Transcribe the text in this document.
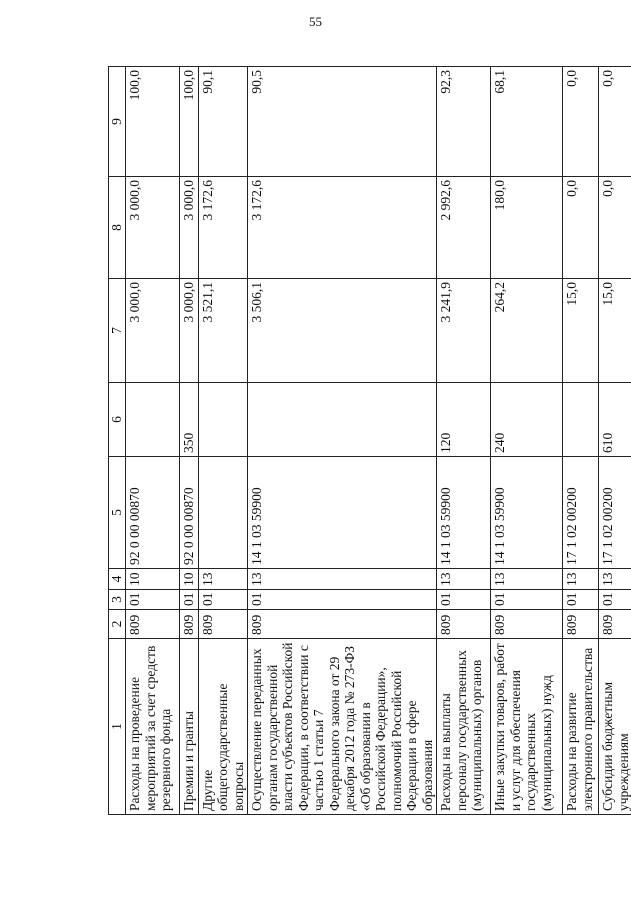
55
1	2	3	4	5	6	7	8	9
Расходы на проведение мероприятий за счет средств резервного фонда	809	01	10	92 0 00 00870		3 000,0	3 000,0	100,0
Премии и гранты	809	01	10	92 0 00 00870	350	3 000,0	3 000,0	100,0
Другие общегосударственные вопросы	809	01	13			3 521,1	3 172,6	90,1
Осуществление переданных органам государственной власти субъектов Российской Федерации, в соответствии с частью 1 статьи 7 Федерального закона от 29 декабря 2012 года № 273-ФЗ «Об образовании в Российской Федерации», полномочий Российской Федерации в сфере образования	809	01	13	14 1 03 59900		3 506,1	3 172,6	90,5
Расходы на выплаты персоналу государственных (муниципальных) органов	809	01	13	14 1 03 59900	120	3 241,9	2 992,6	92,3
Иные закупки товаров, работ и услуг для обеспечения государственных (муниципальных) нужд	809	01	13	14 1 03 59900	240	264,2	180,0	68,1
Расходы на развитие электронного правительства	809	01	13	17 1 02 00200		15,0	0,0	0,0
Субсидии бюджетным учреждениям	809	01	13	17 1 02 00200	610	15,0	0,0	0,0
